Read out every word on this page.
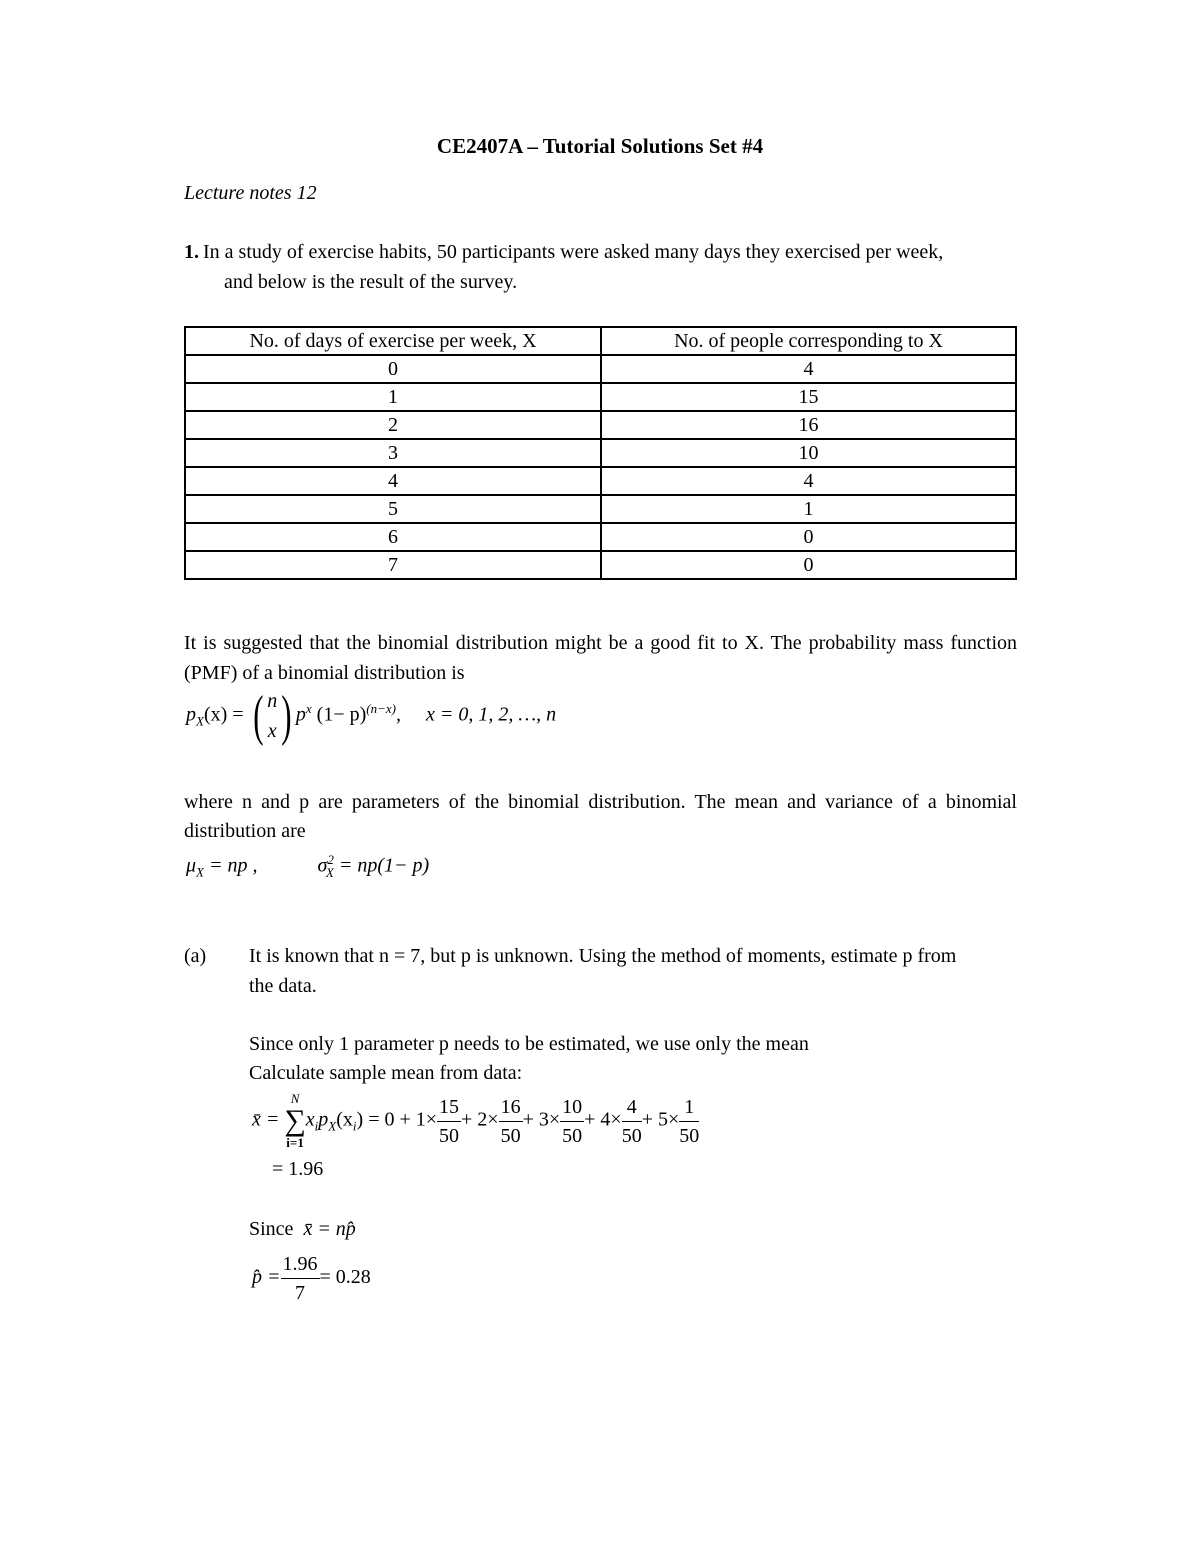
CE2407A – Tutorial Solutions Set #4
Lecture notes 12
1. In a study of exercise habits, 50 participants were asked many days they exercised per week,
and below is the result of the survey.
No. of days of exercise per week, X	No. of people corresponding to X
0	4
1	15
2	16
3	10
4	4
5	1
6	0
7	0
It is suggested that the binomial distribution might be a good fit to X. The probability mass function (PMF) of a binomial distribution is
$p_X(x)$ = ( n
x ) $p^x$ $(1- p)^{(n-x)}$,     x = 0, 1, 2, …, n
where n and p are parameters of the binomial distribution. The mean and variance of a binomial distribution are
$\mu_X$ = np ,	$\sigma^2_X = np(1- p)$
(a) It is known that n = 7, but p is unknown. Using the method of moments, estimate p from
the data.
Since only 1 parameter p needs to be estimated, we use only the mean
Calculate sample mean from data:
x̄ =
N
∑
i=1
$x_ip_X(x_i) = 0 + 1\times \frac{15}{50} + 2\times \frac{16}{50} + 3\times \frac{10}{50} + 4\times \frac{4}{50} + 5\times \frac{1}{50}$
= 1.96
Since x̄ = np̂
p̂ = $\frac{1.96}{7} = 0.28$
